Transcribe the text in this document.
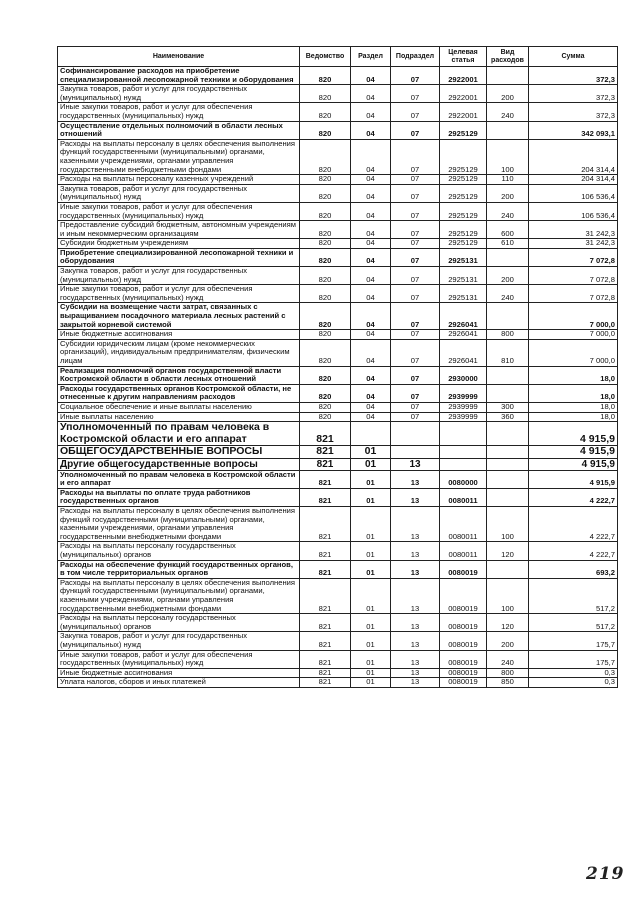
Наименование	Ведомство	Раздел	Подраздел	Целевая статья	Вид расходов	Сумма
Софинансирование расходов на приобретение специализированной лесопожарной техники и оборудования	820	04	07	2922001		372,3
Закупка товаров, работ и услуг для государственных (муниципальных) нужд	820	04	07	2922001	200	372,3
Иные закупки товаров, работ и услуг для обеспечения государственных (муниципальных) нужд	820	04	07	2922001	240	372,3
Осуществление отдельных полномочий в области лесных отношений	820	04	07	2925129		342 093,1
Расходы на выплаты персоналу в целях обеспечения выполнения функций государственными (муниципальными) органами, казенными учреждениями, органами управления государственными внебюджетными фондами	820	04	07	2925129	100	204 314,4
Расходы на выплаты персоналу казенных учреждений	820	04	07	2925129	110	204 314,4
Закупка товаров, работ и услуг для государственных (муниципальных) нужд	820	04	07	2925129	200	106 536,4
Иные закупки товаров, работ и услуг для обеспечения государственных (муниципальных) нужд	820	04	07	2925129	240	106 536,4
Предоставление субсидий бюджетным, автономным учреждениям и иным некоммерческим организациям	820	04	07	2925129	600	31 242,3
Субсидии бюджетным учреждениям	820	04	07	2925129	610	31 242,3
Приобретение специализированной лесопожарной техники и оборудования	820	04	07	2925131		7 072,8
Закупка товаров, работ и услуг для государственных (муниципальных) нужд	820	04	07	2925131	200	7 072,8
Иные закупки товаров, работ и услуг для обеспечения государственных (муниципальных) нужд	820	04	07	2925131	240	7 072,8
Субсидии на возмещение части затрат, связанных с выращиванием посадочного материала лесных растений с закрытой корневой системой	820	04	07	2926041		7 000,0
Иные бюджетные ассигнования	820	04	07	2926041	800	7 000,0
Субсидии юридическим лицам (кроме некоммерческих организаций), индивидуальным предпринимателям, физическим лицам	820	04	07	2926041	810	7 000,0
Реализация полномочий органов государственной власти Костромской области в области лесных отношений	820	04	07	2930000		18,0
Расходы государственных органов Костромской области, не отнесенные к другим направлениям расходов	820	04	07	2939999		18,0
Социальное обеспечение и иные выплаты населению	820	04	07	2939999	300	18,0
Иные выплаты населению	820	04	07	2939999	360	18,0
Уполномоченный по правам человека в Костромской области и его аппарат	821					4 915,9
ОБЩЕГОСУДАРСТВЕННЫЕ ВОПРОСЫ	821	01				4 915,9
Другие общегосударственные вопросы	821	01	13			4 915,9
Уполномоченный по правам человека в Костромской области и его аппарат	821	01	13	0080000		4 915,9
Расходы на выплаты по оплате труда работников государственных органов	821	01	13	0080011		4 222,7
Расходы на выплаты персоналу в целях обеспечения выполнения функций государственными (муниципальными) органами, казенными учреждениями, органами управления государственными внебюджетными фондами	821	01	13	0080011	100	4 222,7
Расходы на выплаты персоналу государственных (муниципальных) органов	821	01	13	0080011	120	4 222,7
Расходы на обеспечение функций государственных органов, в том числе территориальных органов	821	01	13	0080019		693,2
Расходы на выплаты персоналу в целях обеспечения выполнения функций государственными (муниципальными) органами, казенными учреждениями, органами управления государственными внебюджетными фондами	821	01	13	0080019	100	517,2
Расходы на выплаты персоналу государственных (муниципальных) органов	821	01	13	0080019	120	517,2
Закупка товаров, работ и услуг для государственных (муниципальных) нужд	821	01	13	0080019	200	175,7
Иные закупки товаров, работ и услуг для обеспечения государственных (муниципальных) нужд	821	01	13	0080019	240	175,7
Иные бюджетные ассигнования	821	01	13	0080019	800	0,3
Уплата налогов, сборов и иных платежей	821	01	13	0080019	850	0,3
219
